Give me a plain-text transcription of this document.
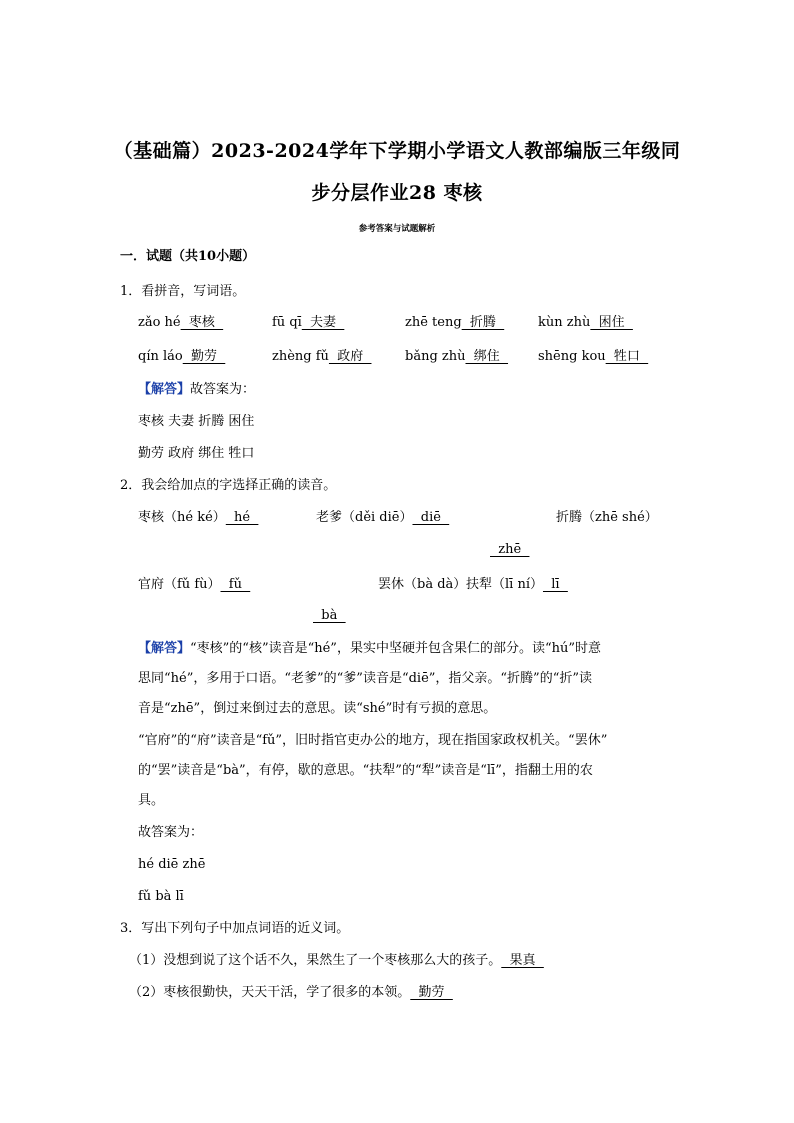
（基础篇）2023-2024学年下学期小学语文人教部编版三年级同
步分层作业28 枣核
参考答案与试题解析
一．试题（共10小题）
1．看拼音，写词语。
zǎo hé  枣核	fū qī  夫妻	zhē teng  折腾	kùn zhù  困住
qín láo  勤劳	zhèng fǔ  政府	bǎng zhù  绑住 shēng kou  牲口
【解答】故答案为：
枣核 夫妻 折腾 困住
勤劳 政府 绑住 牲口
2．我会给加点的字选择正确的读音。
枣核（hé ké）  hé	老爹（děi diē）  diē	折腾（zhē shé）
zhē
官府（fǔ fù）  fǔ	罢休（bà dà） 扶犁（lī ní）  lī
bà
【解答】“枣核”的“核”读音是“hé”，果实中坚硬并包含果仁的部分。读“hú”时意
思同“hé”，多用于口语。“老爹”的“爹”读音是“diē”，指父亲。“折腾”的“折”读
音是“zhē”，倒过来倒过去的意思。读“shé”时有亏损的意思。
“官府”的“府”读音是“fǔ”，旧时指官吏办公的地方，现在指国家政权机关。“罢休”
的“罢”读音是“bà”，有停，歇的意思。“扶犁”的“犁”读音是“lī”，指翻土用的农
具。
故答案为：
hé diē zhē
fǔ bà lī
3．写出下列句子中加点词语的近义词。
（1）没想到说了这个话不久，果然生了一个枣核那么大的孩子。  果真
（2）枣核很勤快，天天干活，学了很多的本领。  勤劳
